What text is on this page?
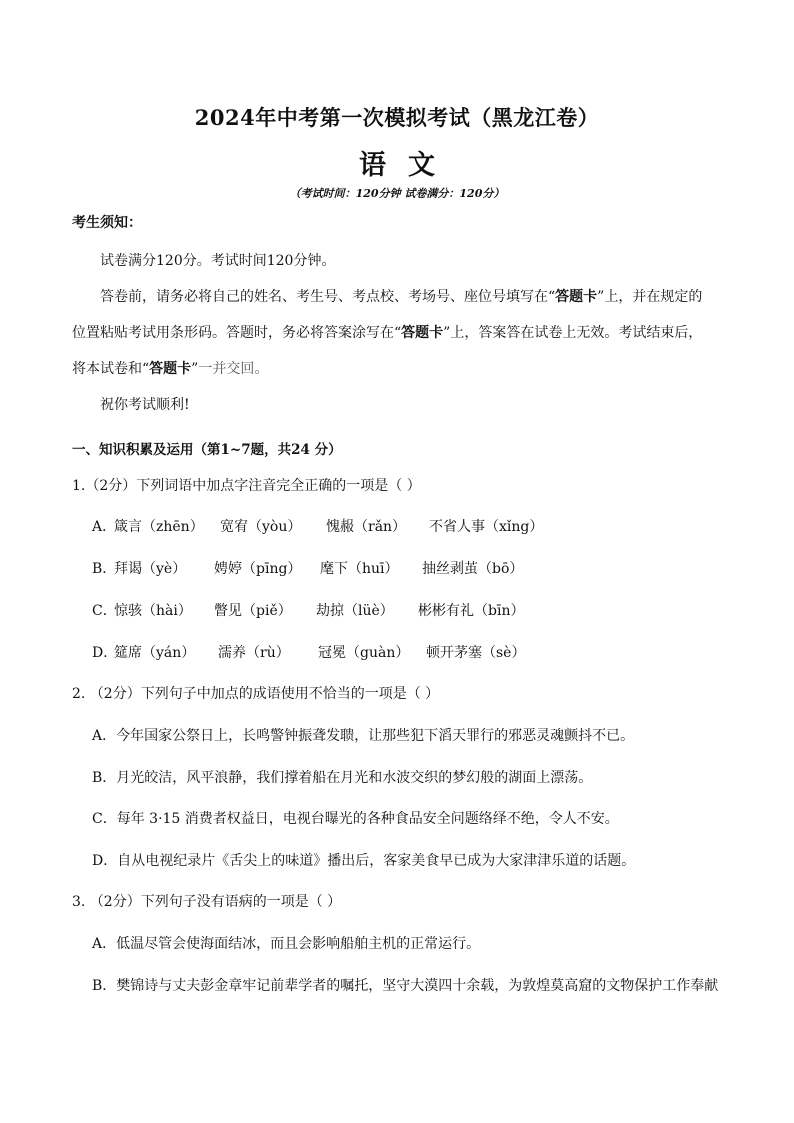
2024年中考第一次模拟考试（黑龙江卷）
语文
（考试时间：120分钟 试卷满分：120分）
考生须知：
试卷满分120分。考试时间120分钟。
答卷前，请务必将自己的姓名、考生号、考点校、考场号、座位号填写在“答题卡”上，并在规定的
位置粘贴考试用条形码。答题时，务必将答案涂写在“答题卡”上，答案答在试卷上无效。考试结束后，
将本试卷和“答题卡”一并交回。
祝你考试顺利!
一、知识积累及运用（第1~7题，共24 分）
1.（2分）下列词语中加点字注音完全正确的一项是（ ）
A．
箴言（zhēn） 宽宥（yòu） 愧赧（rǎn） 不省人事（xǐng）
B．
拜谒（yè） 娉婷（pīng） 麾下（huī） 抽丝剥茧（bō）
C．
惊骇（hài） 瞥见（piě） 劫掠（lüè） 彬彬有礼（bīn）
D．
筵席（yán） 濡养（rù） 冠冕（guàn） 顿开茅塞（sè）
2. （2分）下列句子中加点的成语使用不恰当的一项是（ ）
A．今年国家公祭日上，长鸣警钟振聋发聩，让那些犯下滔天罪行的邪恶灵魂颤抖不已。
B．月光皎洁，风平浪静，我们撑着船在月光和水波交织的梦幻般的湖面上漂荡。
C．每年 3·15 消费者权益日，电视台曝光的各种食品安全问题络绎不绝，令人不安。
D．自从电视纪录片《舌尖上的味道》播出后，客家美食早已成为大家津津乐道的话题。
3. （2分）下列句子没有语病的一项是（ ）
A．低温尽管会使海面结冰，而且会影响船舶主机的正常运行。
B．樊锦诗与丈夫彭金章牢记前辈学者的嘱托，坚守大漠四十余载，为敦煌莫高窟的文物保护工作奉献
